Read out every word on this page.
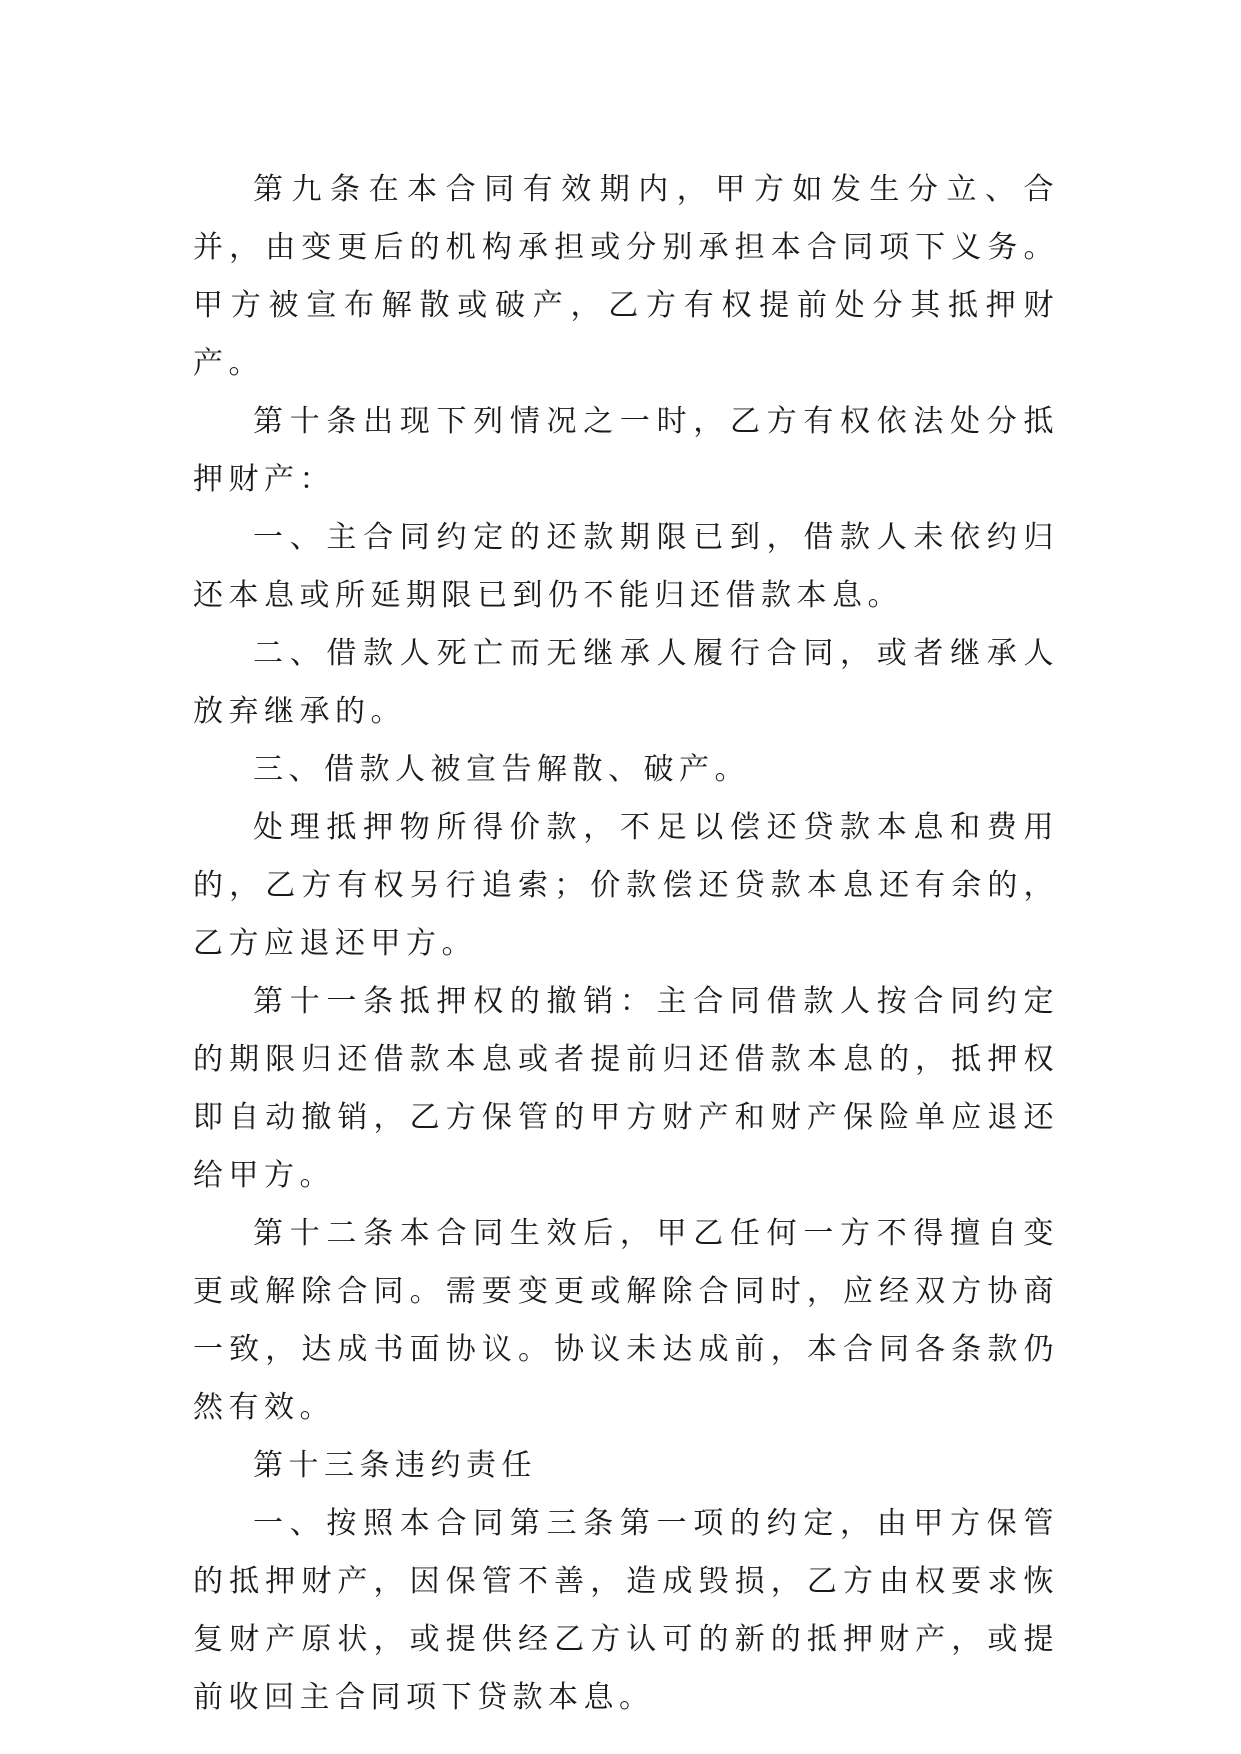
第九条在本合同有效期内，甲方如发生分立、合并，由变更后的机构承担或分别承担本合同项下义务。甲方被宣布解散或破产，乙方有权提前处分其抵押财产。

第十条出现下列情况之一时，乙方有权依法处分抵押财产：

一、主合同约定的还款期限已到，借款人未依约归还本息或所延期限已到仍不能归还借款本息。

二、借款人死亡而无继承人履行合同，或者继承人放弃继承的。

三、借款人被宣告解散、破产。

处理抵押物所得价款，不足以偿还贷款本息和费用的，乙方有权另行追索；价款偿还贷款本息还有余的，乙方应退还甲方。

第十一条抵押权的撤销：主合同借款人按合同约定的期限归还借款本息或者提前归还借款本息的，抵押权即自动撤销，乙方保管的甲方财产和财产保险单应退还给甲方。

第十二条本合同生效后，甲乙任何一方不得擅自变更或解除合同。需要变更或解除合同时，应经双方协商一致，达成书面协议。协议未达成前，本合同各条款仍然有效。

第十三条违约责任

一、按照本合同第三条第一项的约定，由甲方保管的抵押财产，因保管不善，造成毁损，乙方由权要求恢复财产原状，或提供经乙方认可的新的抵押财产，或提前收回主合同项下贷款本息。
